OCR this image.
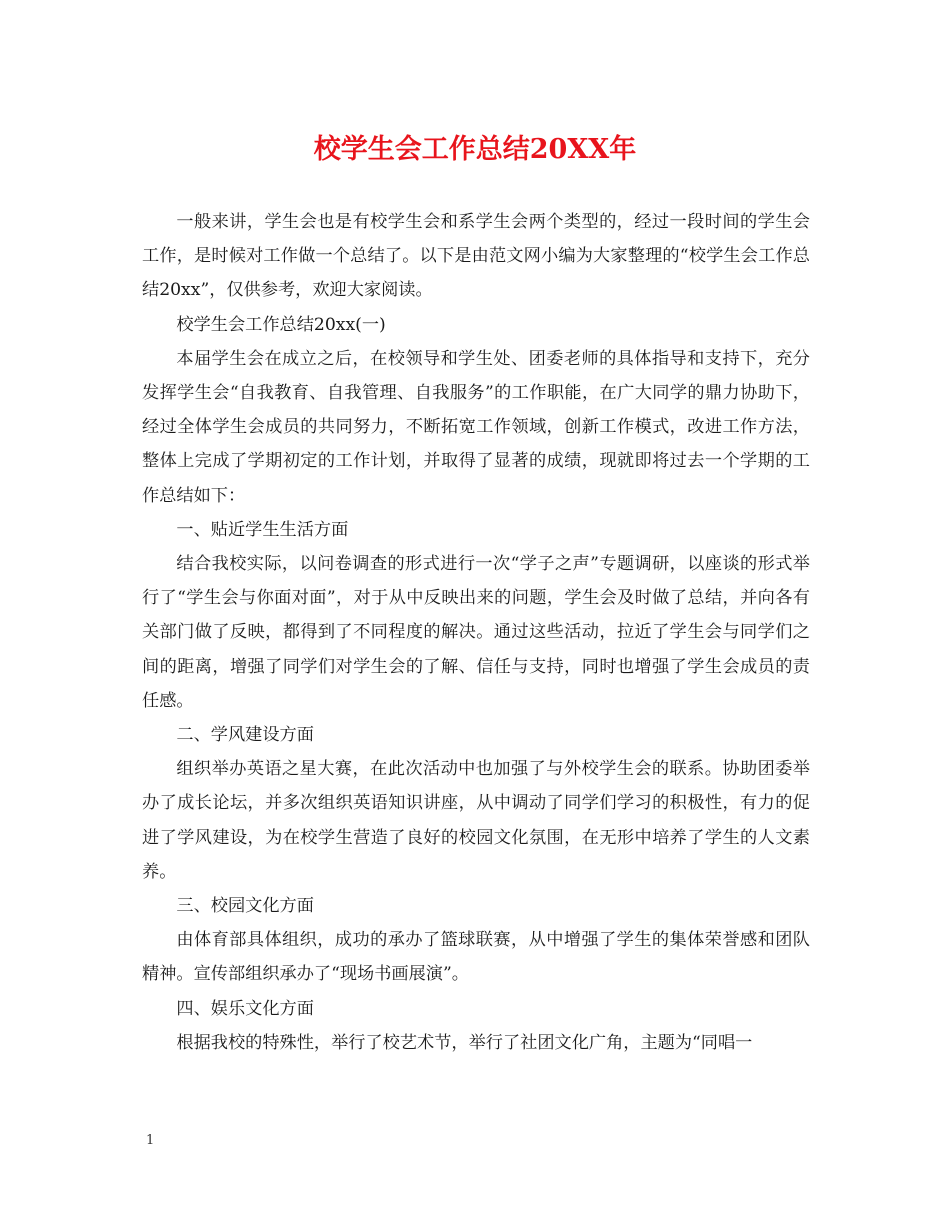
校学生会工作总结20XX年

一般来讲，学生会也是有校学生会和系学生会两个类型的，经过一段时间的学生会工作，是时候对工作做一个总结了。以下是由范文网小编为大家整理的“校学生会工作总结20xx”，仅供参考，欢迎大家阅读。

校学生会工作总结20xx(一)

本届学生会在成立之后，在校领导和学生处、团委老师的具体指导和支持下，充分发挥学生会“自我教育、自我管理、自我服务”的工作职能，在广大同学的鼎力协助下，经过全体学生会成员的共同努力，不断拓宽工作领域，创新工作模式，改进工作方法，整体上完成了学期初定的工作计划，并取得了显著的成绩，现就即将过去一个学期的工作总结如下：

一、贴近学生生活方面

结合我校实际，以问卷调查的形式进行一次“学子之声”专题调研，以座谈的形式举行了“学生会与你面对面”，对于从中反映出来的问题，学生会及时做了总结，并向各有关部门做了反映，都得到了不同程度的解决。通过这些活动，拉近了学生会与同学们之间的距离，增强了同学们对学生会的了解、信任与支持，同时也增强了学生会成员的责任感。

二、学风建设方面

组织举办英语之星大赛，在此次活动中也加强了与外校学生会的联系。协助团委举办了成长论坛，并多次组织英语知识讲座，从中调动了同学们学习的积极性，有力的促进了学风建设，为在校学生营造了良好的校园文化氛围，在无形中培养了学生的人文素养。

三、校园文化方面

由体育部具体组织，成功的承办了篮球联赛，从中增强了学生的集体荣誉感和团队精神。宣传部组织承办了“现场书画展演”。

四、娱乐文化方面

根据我校的特殊性，举行了校艺术节，举行了社团文化广角，主题为“同唱一

1
